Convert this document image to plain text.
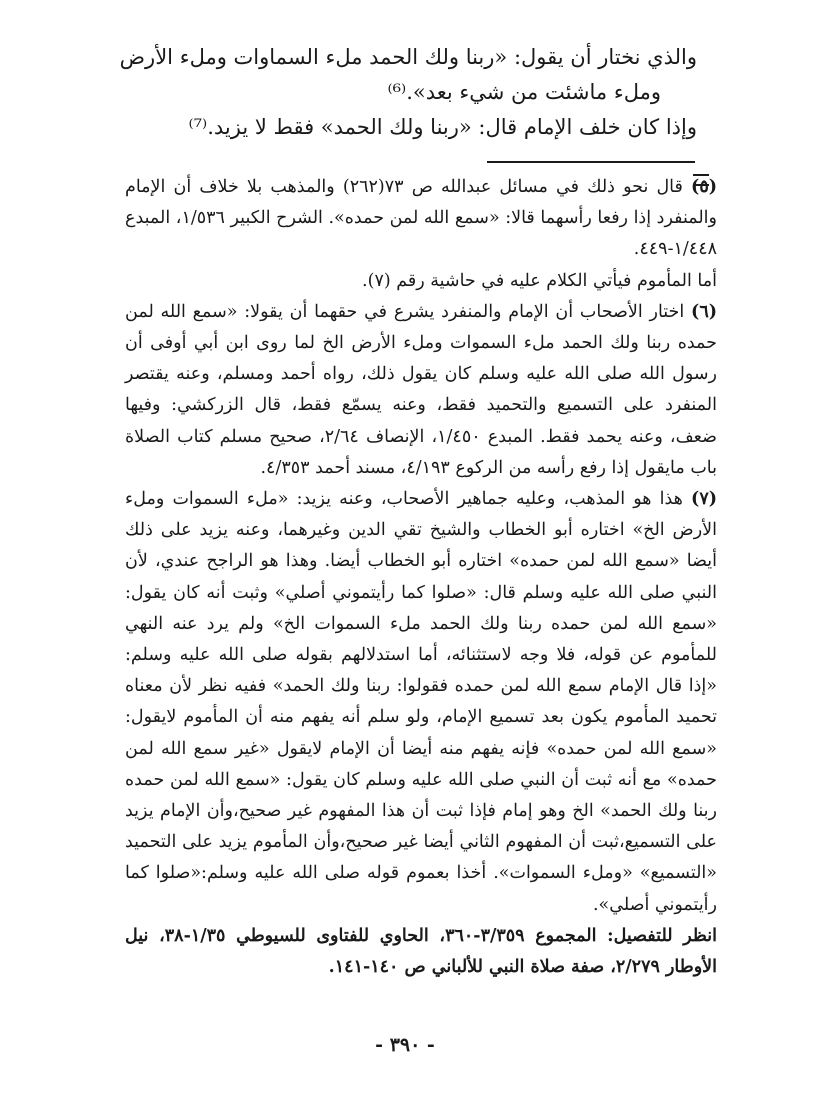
والذي نختار أن يقول: «ربنا ولك الحمد ملء السماوات وملء الأرض

وملء ماشئت من شيء بعد».⁽⁶⁾

وإذا كان خلف الإمام قال: «ربنا ولك الحمد» فقط لا يزيد.⁽⁷⁾

(٥) قال نحو ذلك في مسائل عبدالله ص ٧٣(٢٦٢) والمذهب بلا خلاف أن الإمام والمنفرد إذا رفعا رأسهما قالا: «سمع الله لمن حمده». الشرح الكبير ١/٥٣٦، المبدع ١/٤٤٨-٤٤٩.

أما المأموم فيأتي الكلام عليه في حاشية رقم (٧).

(٦) اختار الأصحاب أن الإمام والمنفرد يشرع في حقهما أن يقولا: «سمع الله لمن حمده ربنا ولك الحمد ملء السموات وملء الأرض الخ لما روى ابن أبي أوفى أن رسول الله صلى الله عليه وسلم كان يقول ذلك، رواه أحمد ومسلم، وعنه يقتصر المنفرد على التسميع والتحميد فقط، وعنه يسمّع فقط، قال الزركشي: وفيها ضعف، وعنه يحمد فقط. المبدع ١/٤٥٠، الإنصاف ٢/٦٤، صحيح مسلم كتاب الصلاة باب مايقول إذا رفع رأسه من الركوع ٤/١٩٣، مسند أحمد ٤/٣٥٣.

(٧) هذا هو المذهب، وعليه جماهير الأصحاب، وعنه يزيد: «ملء السموات وملء الأرض الخ» اختاره أبو الخطاب والشيخ تقي الدين وغيرهما، وعنه يزيد على ذلك أيضا «سمع الله لمن حمده» اختاره أبو الخطاب أيضا. وهذا هو الراجح عندي، لأن النبي صلى الله عليه وسلم قال: «صلوا كما رأيتموني أصلي» وثبت أنه كان يقول: «سمع الله لمن حمده ربنا ولك الحمد ملء السموات الخ» ولم يرد عنه النهي للمأموم عن قوله، فلا وجه لاستثنائه، أما استدلالهم بقوله صلى الله عليه وسلم: «إذا قال الإمام سمع الله لمن حمده فقولوا: ربنا ولك الحمد» ففيه نظر لأن معناه تحميد المأموم يكون بعد تسميع الإمام، ولو سلم أنه يفهم منه أن المأموم لايقول: «سمع الله لمن حمده» فإنه يفهم منه أيضا أن الإمام لايقول «غير سمع الله لمن حمده» مع أنه ثبت أن النبي صلى الله عليه وسلم كان يقول: «سمع الله لمن حمده ربنا ولك الحمد» الخ وهو إمام فإذا ثبت أن هذا المفهوم غير صحيح،وأن الإمام يزيد على التسميع،ثبت أن المفهوم الثاني أيضا غير صحيح،وأن المأموم يزيد على التحميد «التسميع» «وملء السموات». أخذا بعموم قوله صلى الله عليه وسلم:«صلوا كما رأيتموني أصلي».

انظر للتفصيل: المجموع ٣/٣٥٩-٣٦٠، الحاوي للفتاوى للسيوطي ١/٣٥-٣٨، نيل الأوطار ٢/٢٧٩، صفة صلاة النبي للألباني ص ١٤٠-١٤١.

- ٣٩٠ -
